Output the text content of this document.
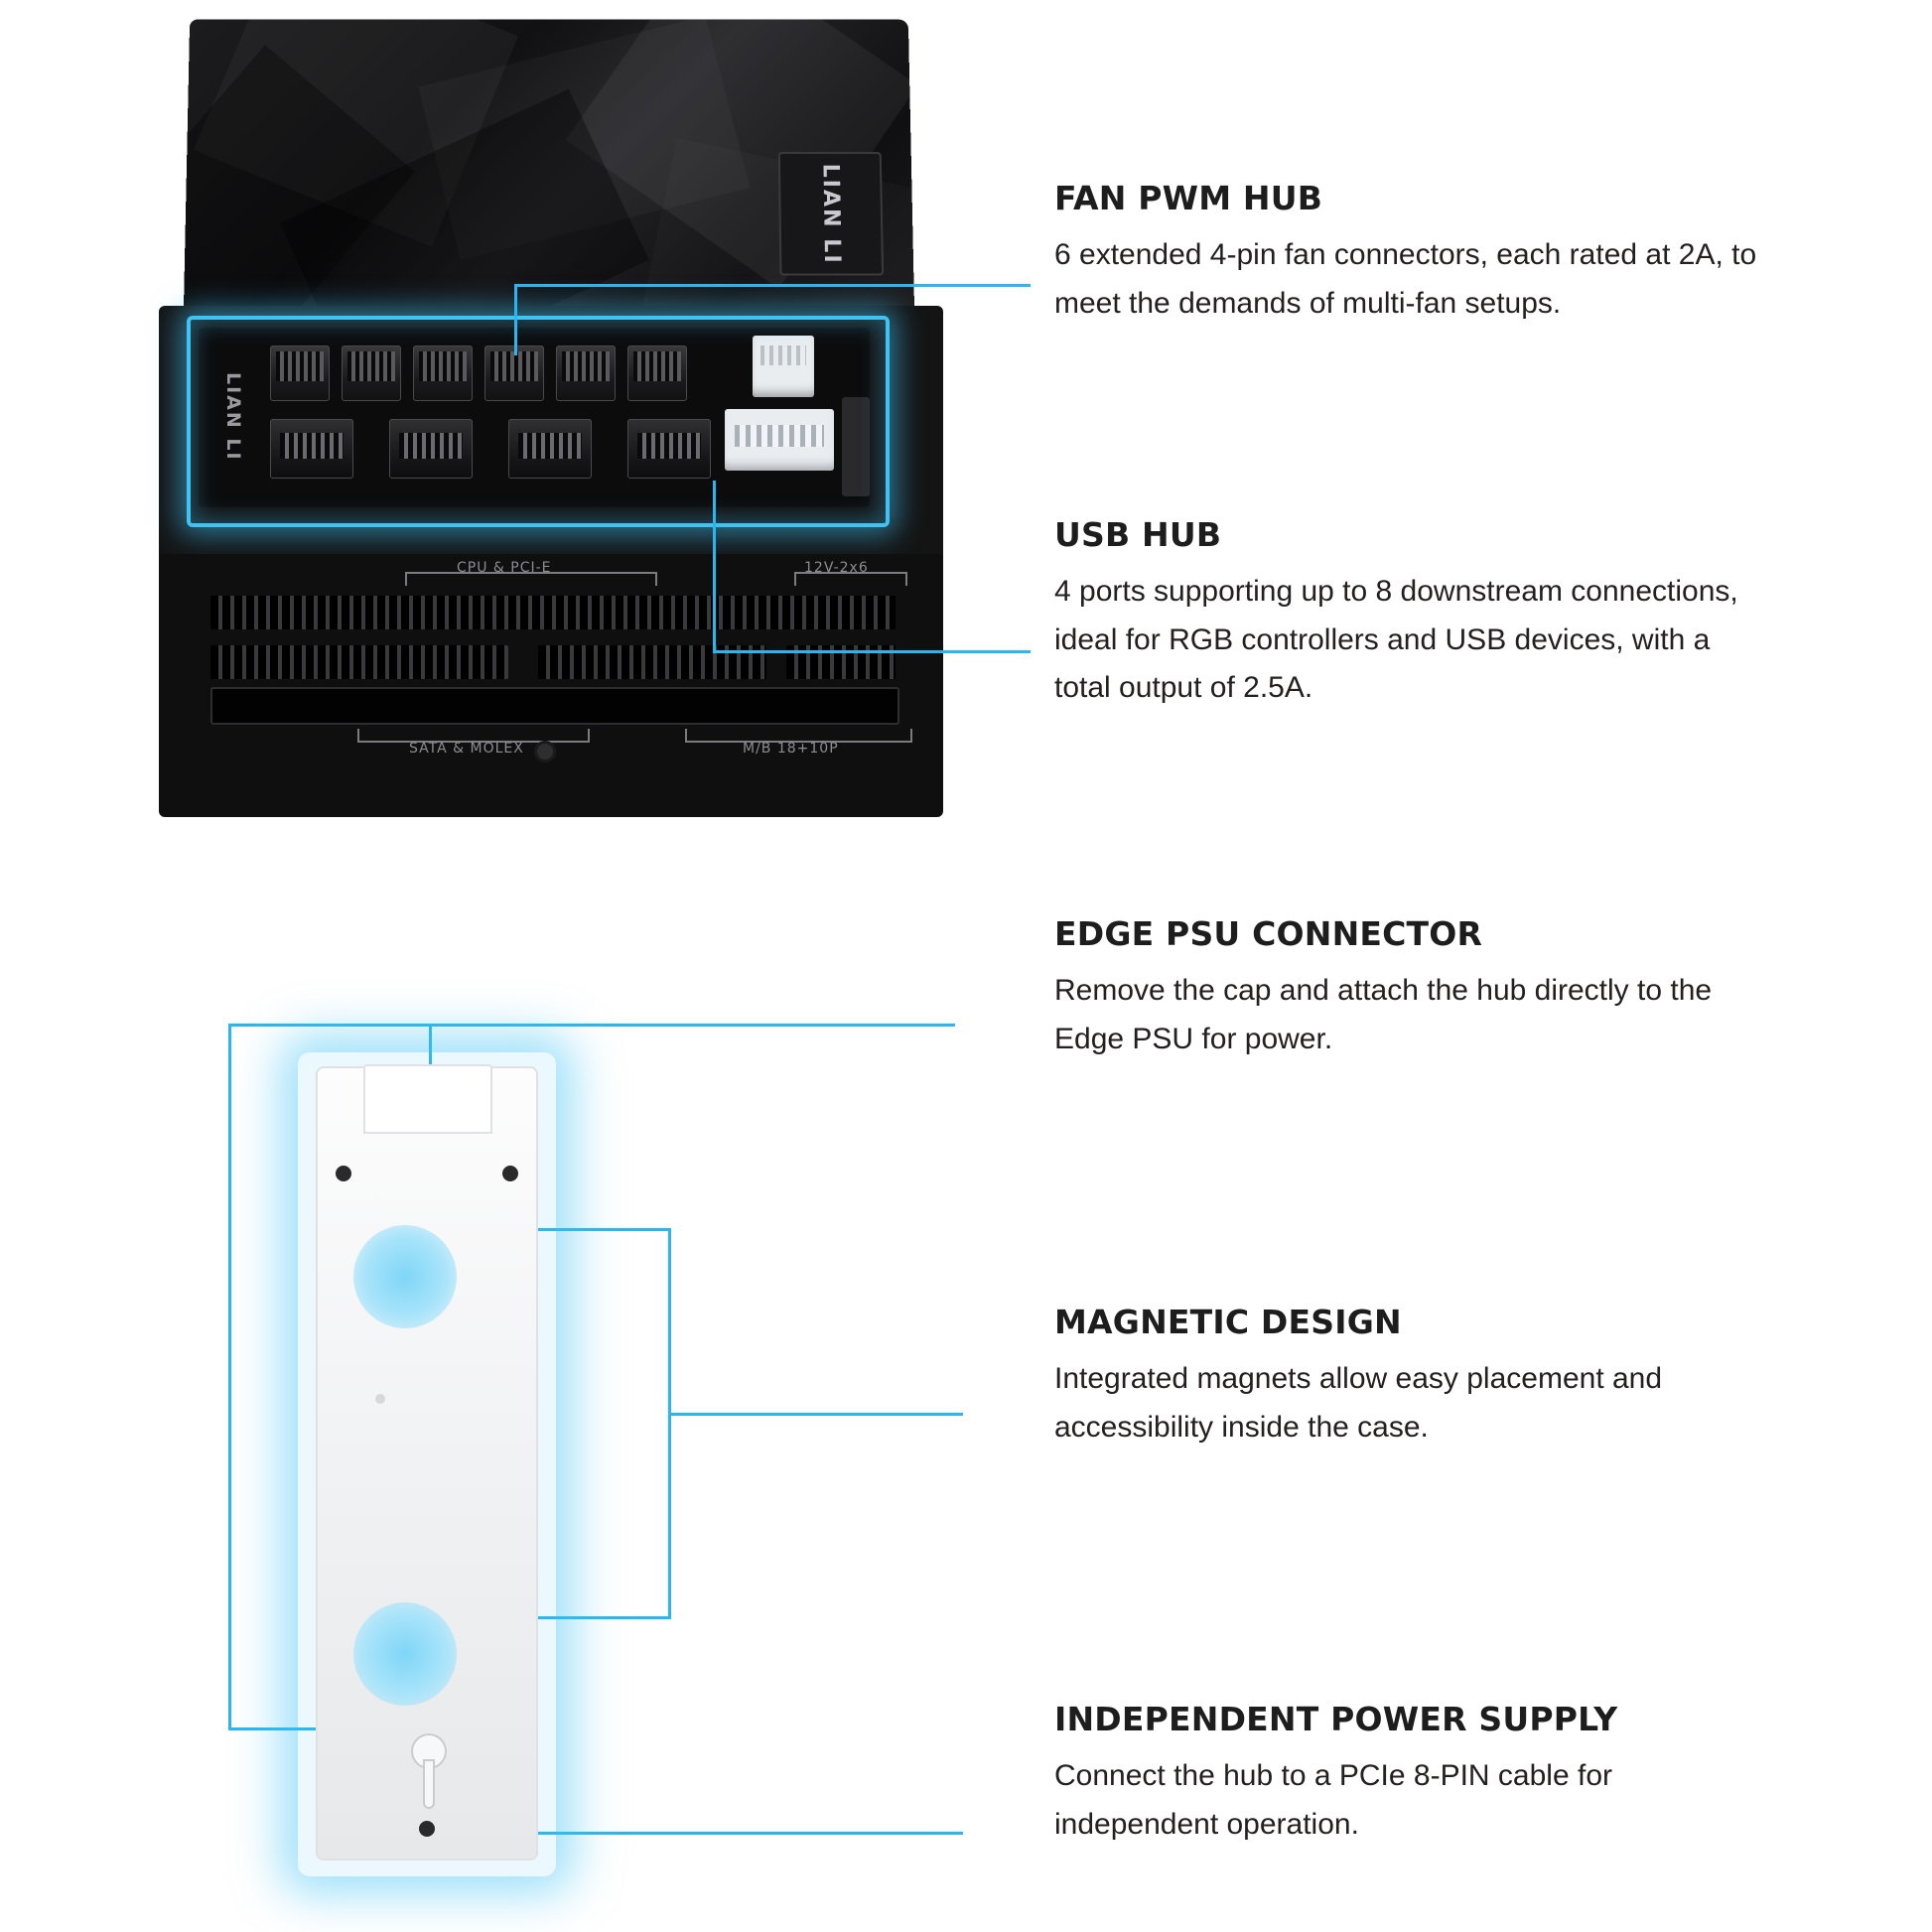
LIAN LI
LIAN LI
CPU & PCI-E	12V-2x6
SATA & MOLEX	M/B 18+10P
FAN PWM HUB

6 extended 4-pin fan connectors, each rated at 2A, to meet the demands of multi-fan setups.

USB HUB

4 ports supporting up to 8 downstream connections, ideal for RGB controllers and USB devices, with a total output of 2.5A.

EDGE PSU CONNECTOR

Remove the cap and attach the hub directly to the Edge PSU for power.

MAGNETIC DESIGN

Integrated magnets allow easy placement and accessibility inside the case.

INDEPENDENT POWER SUPPLY

Connect the hub to a PCIe 8-PIN cable for independent operation.
